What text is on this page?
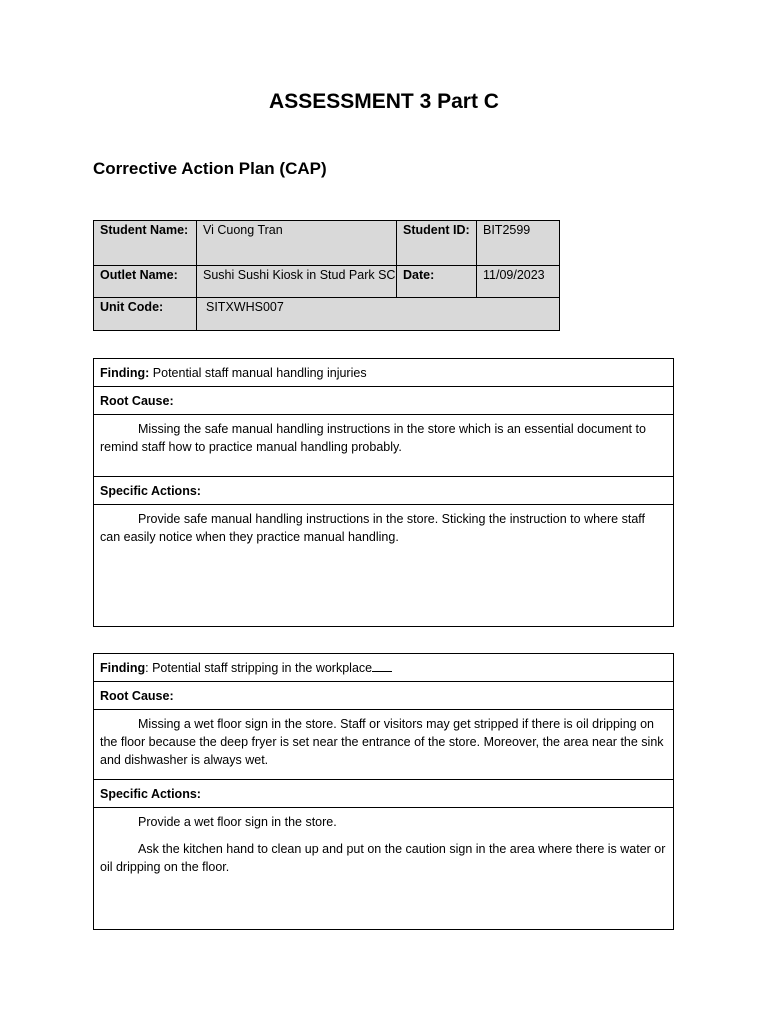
ASSESSMENT 3 Part C
Corrective Action Plan (CAP)
Student Name:	Vi Cuong Tran	Student ID:	BIT2599
Outlet Name:	Sushi Sushi Kiosk in Stud Park SC	Date:	11/09/2023
Unit Code:	SITXWHS007		
Finding: Potential staff manual handling injuries
Root Cause:

Missing the safe manual handling instructions in the store which is an essential document to remind staff how to practice manual handling probably.

Specific Actions:

Provide safe manual handling instructions in the store. Sticking the instruction to where staff can easily notice when they practice manual handling.

Finding: Potential staff stripping in the workplace
Root Cause:

Missing a wet floor sign in the store. Staff or visitors may get stripped if there is oil dripping on the floor because the deep fryer is set near the entrance of the store. Moreover, the area near the sink and dishwasher is always wet.

Specific Actions:

Provide a wet floor sign in the store.

Ask the kitchen hand to clean up and put on the caution sign in the area where there is water or oil dripping on the floor.
